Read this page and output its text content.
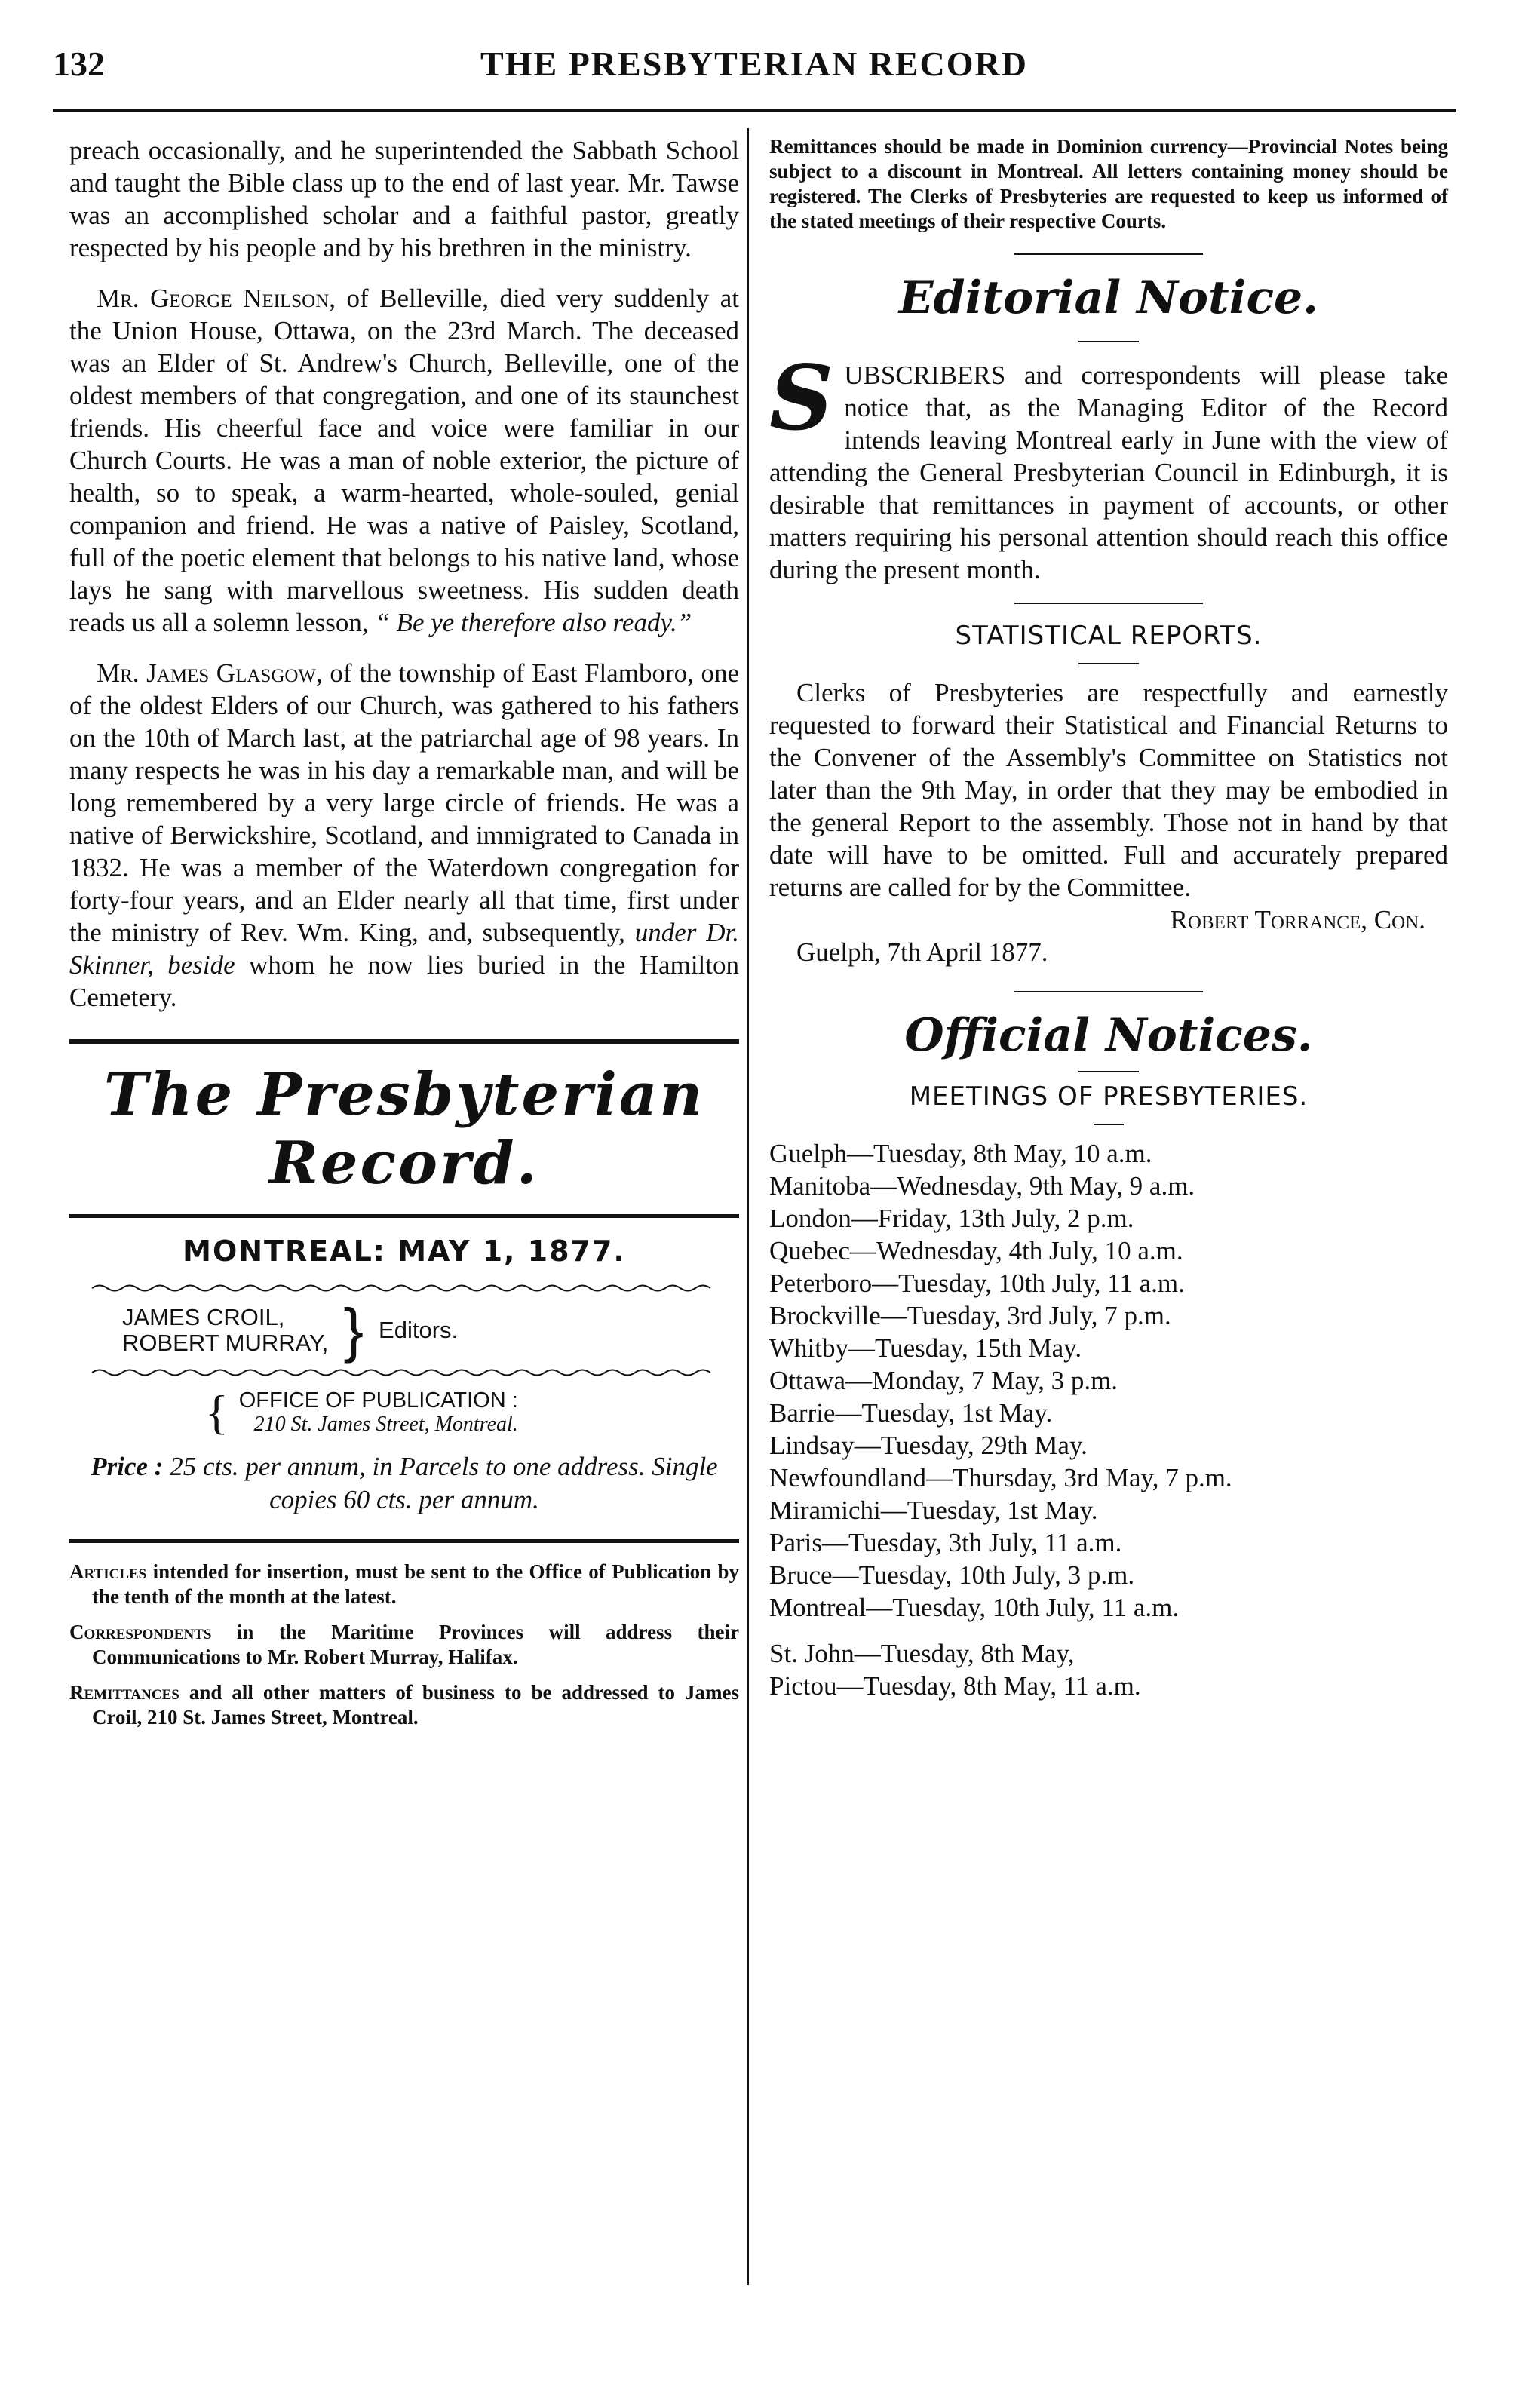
132	THE PRESBYTERIAN RECORD

preach occasionally, and he superintended the Sabbath School and taught the Bible class up to the end of last year. Mr. Tawse was an accomplished scholar and a faithful pastor, greatly respected by his people and by his brethren in the ministry.

Mr. George Neilson, of Belleville, died very suddenly at the Union House, Ottawa, on the 23rd March. The deceased was an Elder of St. Andrew's Church, Belleville, one of the oldest members of that congregation, and one of its staunchest friends. His cheerful face and voice were familiar in our Church Courts. He was a man of noble exterior, the picture of health, so to speak, a warm-hearted, whole-souled, genial companion and friend. He was a native of Paisley, Scotland, full of the poetic element that belongs to his native land, whose lays he sang with marvellous sweetness. His sudden death reads us all a solemn lesson, “ Be ye therefore also ready.”

Mr. James Glasgow, of the township of East Flamboro, one of the oldest Elders of our Church, was gathered to his fathers on the 10th of March last, at the patriarchal age of 98 years. In many respects he was in his day a remarkable man, and will be long remembered by a very large circle of friends. He was a native of Berwickshire, Scotland, and immigrated to Canada in 1832. He was a member of the Waterdown congregation for forty-four years, and an Elder nearly all that time, first under the ministry of Rev. Wm. King, and, subsequently, under Dr. Skinner, beside whom he now lies buried in the Hamilton Cemetery.

The Presbyterian Record.
MONTREAL: MAY 1, 1877.
JAMES CROIL,
ROBERT MURRAY, } Editors.
{ OFFICE OF PUBLICATION :
210 St. James Street, Montreal.

Price : 25 cts. per annum, in Parcels to one address. Single copies 60 cts. per annum.

Articles intended for insertion, must be sent to the Office of Publication by the tenth of the month at the latest.

Correspondents in the Maritime Provinces will address their Communications to Mr. Robert Murray, Halifax.

Remittances and all other matters of business to be addressed to James Croil, 210 St. James Street, Montreal.

Remittances should be made in Dominion currency—Provincial Notes being subject to a discount in Montreal. All letters containing money should be registered. The Clerks of Presbyteries are requested to keep us informed of the stated meetings of their respective Courts.

Editorial Notice.

SUBSCRIBERS and correspondents will please take notice that, as the Managing Editor of the Record intends leaving Montreal early in June with the view of attending the General Presbyterian Council in Edinburgh, it is desirable that remittances in payment of accounts, or other matters requiring his personal attention should reach this office during the present month.

STATISTICAL REPORTS.

Clerks of Presbyteries are respectfully and earnestly requested to forward their Statistical and Financial Returns to the Convener of the Assembly's Committee on Statistics not later than the 9th May, in order that they may be embodied in the general Report to the assembly. Those not in hand by that date will have to be omitted. Full and accurately prepared returns are called for by the Committee.

Robert Torrance, Con.

Guelph, 7th April 1877.

Official Notices.
MEETINGS OF PRESBYTERIES.
Guelph—Tuesday, 8th May, 10 a.m.
Manitoba—Wednesday, 9th May, 9 a.m.
London—Friday, 13th July, 2 p.m.
Quebec—Wednesday, 4th July, 10 a.m.
Peterboro—Tuesday, 10th July, 11 a.m.
Brockville—Tuesday, 3rd July, 7 p.m.
Whitby—Tuesday, 15th May.
Ottawa—Monday, 7 May, 3 p.m.
Barrie—Tuesday, 1st May.
Lindsay—Tuesday, 29th May.
Newfoundland—Thursday, 3rd May, 7 p.m.
Miramichi—Tuesday, 1st May.
Paris—Tuesday, 3th July, 11 a.m.
Bruce—Tuesday, 10th July, 3 p.m.
Montreal—Tuesday, 10th July, 11 a.m.
St. John—Tuesday, 8th May,
Pictou—Tuesday, 8th May, 11 a.m.
